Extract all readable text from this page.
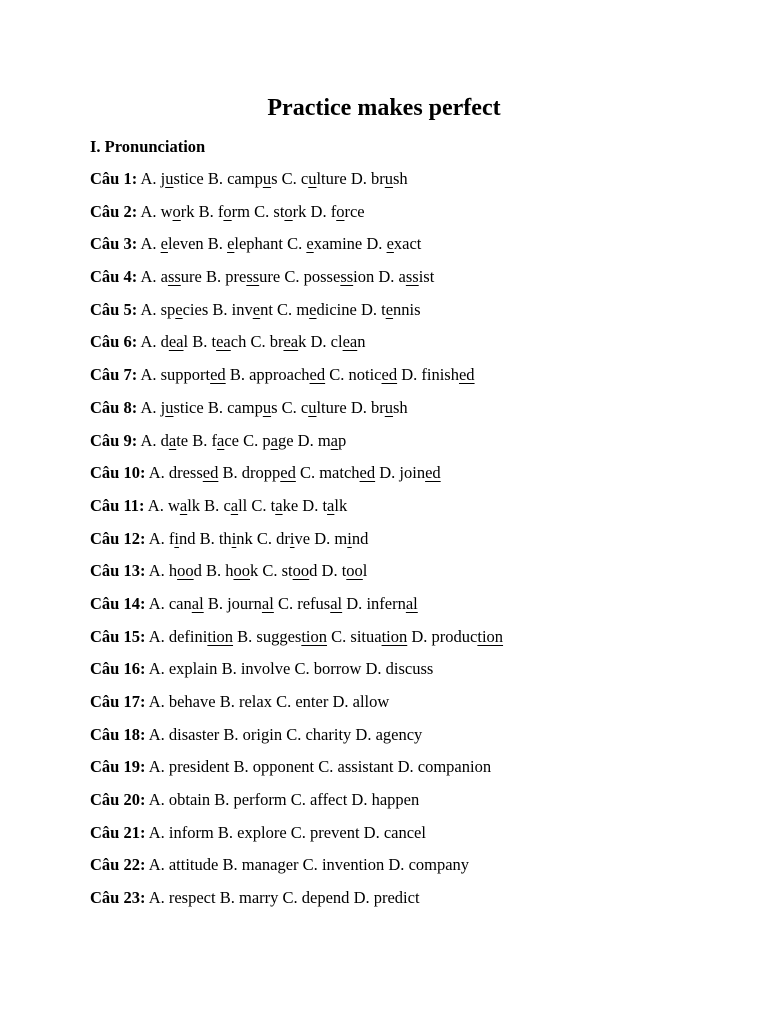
Practice makes perfect
I. Pronunciation
Câu 1: A. justice B. campus C. culture D. brush
Câu 2: A. work B. form C. stork D. force
Câu 3: A. eleven B. elephant C. examine D. exact
Câu 4: A. assure B. pressure C. possession D. assist
Câu 5: A. species B. invent C. medicine D. tennis
Câu 6: A. deal B. teach C. break D. clean
Câu 7: A. supported B. approached C. noticed D. finished
Câu 8: A. justice B. campus C. culture D. brush
Câu 9: A. date B. face C. page D. map
Câu 10: A. dressed B. dropped C. matched D. joined
Câu 11: A. walk B. call C. take D. talk
Câu 12: A. find B. think C. drive D. mind
Câu 13: A. hood B. hook C. stood D. tool
Câu 14: A. canal B. journal C. refusal D. infernal
Câu 15: A. definition B. suggestion C. situation D. production
Câu 16: A. explain B. involve C. borrow D. discuss
Câu 17: A. behave B. relax C. enter D. allow
Câu 18: A. disaster B. origin C. charity D. agency
Câu 19: A. president B. opponent C. assistant D. companion
Câu 20: A. obtain B. perform C. affect D. happen
Câu 21: A. inform B. explore C. prevent D. cancel
Câu 22: A. attitude B. manager C. invention D. company
Câu 23: A. respect B. marry C. depend D. predict
